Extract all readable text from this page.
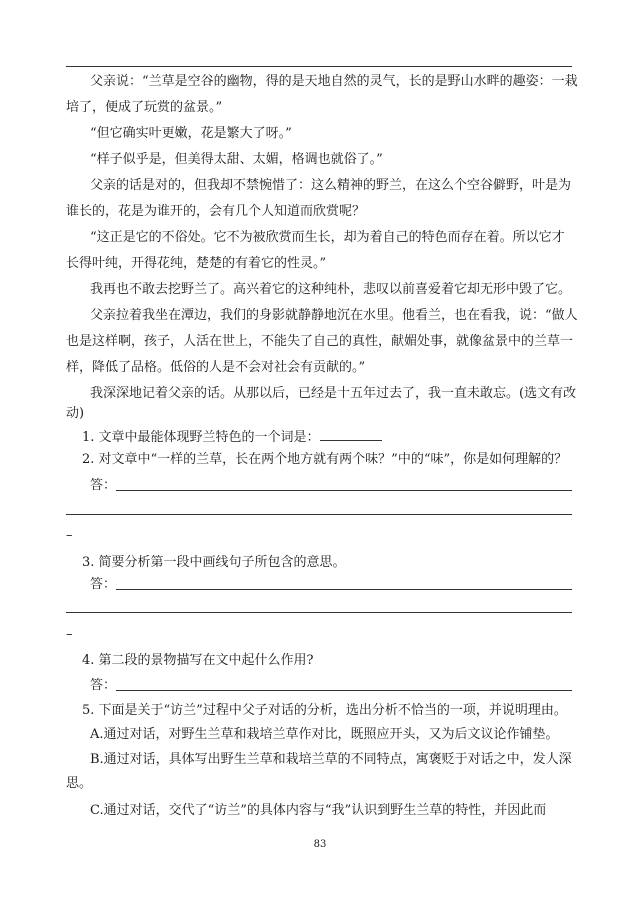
父亲说：“兰草是空谷的幽物，得的是天地自然的灵气，长的是野山水畔的趣姿：一栽
培了，便成了玩赏的盆景。”
“但它确实叶更嫩，花是繁大了呀。”
“样子似乎是，但美得太甜、太媚，格调也就俗了。”
父亲的话是对的，但我却不禁惋惜了：这么精神的野兰，在这么个空谷僻野，叶是为
谁长的，花是为谁开的，会有几个人知道而欣赏呢？
“这正是它的不俗处。它不为被欣赏而生长，却为着自己的特色而存在着。所以它才
长得叶纯，开得花纯，楚楚的有着它的性灵。”
我再也不敢去挖野兰了。高兴着它的这种纯朴，悲叹以前喜爱着它却无形中毁了它。
父亲拉着我坐在潭边，我们的身影就静静地沉在水里。他看兰，也在看我，说：“做人
也是这样啊，孩子，人活在世上，不能失了自己的真性，献媚处事，就像盆景中的兰草一
样，降低了品格。低俗的人是不会对社会有贡献的。”
我深深地记着父亲的话。从那以后，已经是十五年过去了，我一直未敢忘。(选文有改
动)
1. 文章中最能体现野兰特色的一个词是：
2. 对文章中“一样的兰草，长在两个地方就有两个味？”中的“味”，你是如何理解的？
答：
–
3. 简要分析第一段中画线句子所包含的意思。
答：
–
4. 第二段的景物描写在文中起什么作用?
答：
5. 下面是关于“访兰”过程中父子对话的分析，选出分析不恰当的一项，并说明理由。
A.通过对话，对野生兰草和栽培兰草作对比，既照应开头，又为后文议论作铺垫。
B.通过对话，具体写出野生兰草和栽培兰草的不同特点，寓褒贬于对话之中，发人深
思。
C.通过对话，交代了“访兰”的具体内容与“我”认识到野生兰草的特性，并因此而
83
